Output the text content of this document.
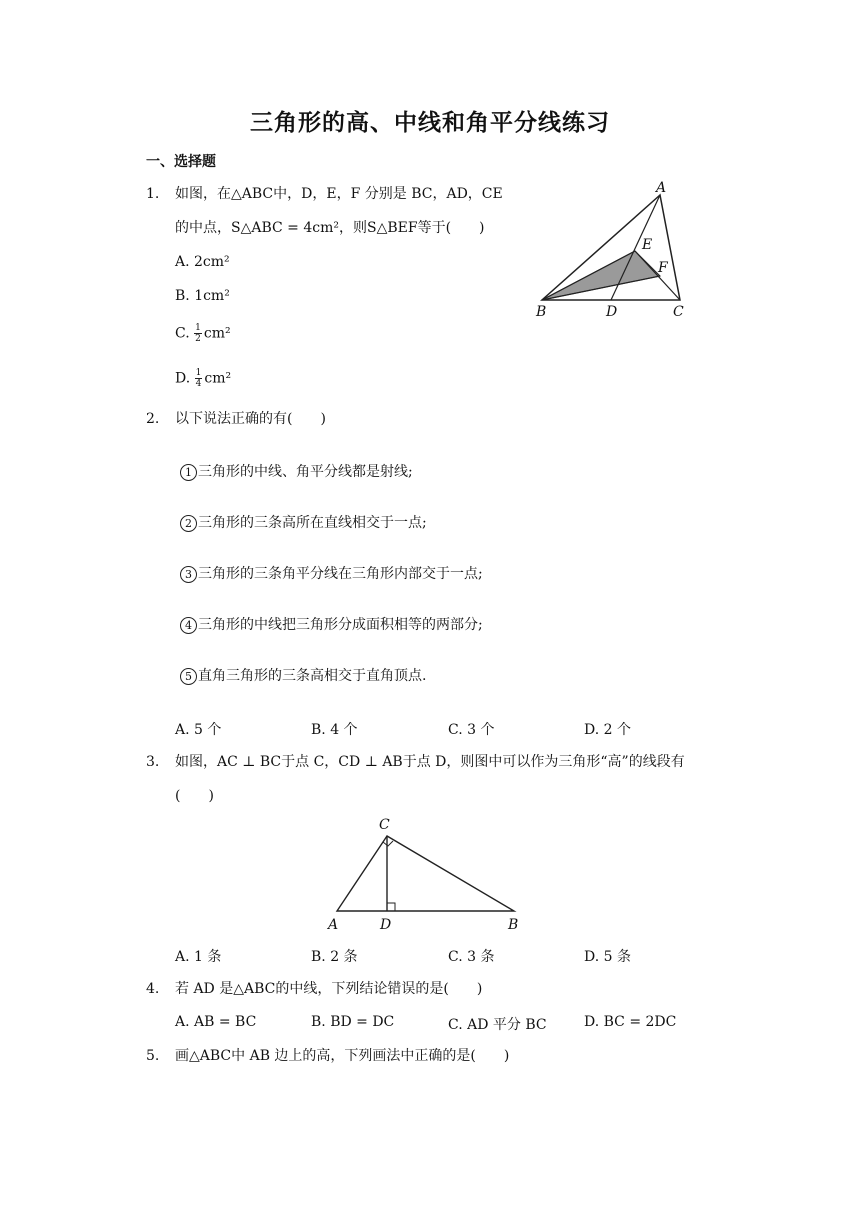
三角形的高、中线和角平分线练习
一、选择题
1. 如图，在△ABC中，D，E，F 分别是 BC，AD，CE
的中点，S△ABC = 4cm²，则S△BEF等于(　　)
A. 2cm²
B. 1cm²
C. $\frac{1}{2} cm^2$
D. $\frac{1}{4} cm^2$
A
E
F
B	D	C
2. 以下说法正确的有(　　)
1 三角形的中线、角平分线都是射线;
2 三角形的三条高所在直线相交于一点;
3 三角形的三条角平分线在三角形内部交于一点;
4 三角形的中线把三角形分成面积相等的两部分;
5 直角三角形的三条高相交于直角顶点.
A. 5 个	B. 4 个	C. 3 个	D. 2 个
3. 如图，AC ⊥ BC于点 C，CD ⊥ AB于点 D，则图中可以作为三角形“高”的线段有
(　　)
C
A	D	B
A. 1 条	B. 2 条	C. 3 条	D. 5 条
4. 若 AD 是△ABC的中线，下列结论错误的是(　　)
A. AB = BC	B. BD = DC	C. AD 平分 BC	D. BC = 2DC
5. 画△ABC中 AB 边上的高，下列画法中正确的是(　　)
